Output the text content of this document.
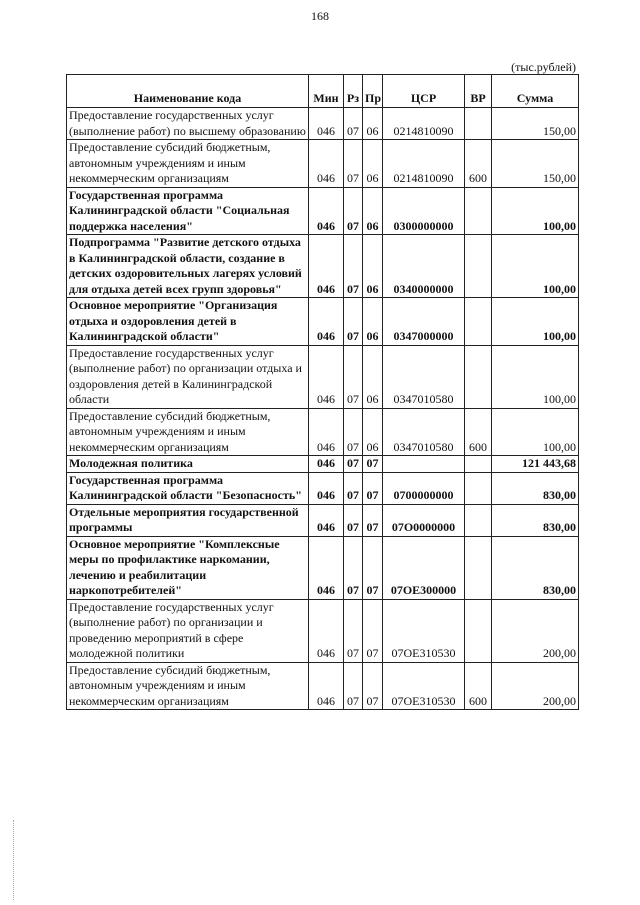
168
(тыс.рублей)
Наименование кода	Мин	Рз	Пр	ЦСР	ВР	Сумма
Предоставление государственных услуг (выполнение работ) по высшему образованию	046	07	06	0214810090		150,00
Предоставление субсидий бюджетным, автономным учреждениям и иным некоммерческим организациям	046	07	06	0214810090	600	150,00
Государственная программа Калининградской области "Социальная поддержка населения"	046	07	06	0300000000		100,00
Подпрограмма "Развитие детского отдыха в Калининградской области, создание в детских оздоровительных лагерях условий для отдыха детей всех групп здоровья"	046	07	06	0340000000		100,00
Основное мероприятие "Организация отдыха и оздоровления детей в Калининградской области"	046	07	06	0347000000		100,00
Предоставление государственных услуг (выполнение работ) по организации отдыха и оздоровления детей в Калининградской области	046	07	06	0347010580		100,00
Предоставление субсидий бюджетным, автономным учреждениям и иным некоммерческим организациям	046	07	06	0347010580	600	100,00
Молодежная политика	046	07	07			121 443,68
Государственная программа Калининградской области "Безопасность"	046	07	07	0700000000		830,00
Отдельные мероприятия государственной программы	046	07	07	07О0000000		830,00
Основное мероприятие "Комплексные меры по профилактике наркомании, лечению и реабилитации наркопотребителей"	046	07	07	07ОЕ300000		830,00
Предоставление государственных услуг (выполнение работ) по организации и проведению мероприятий в сфере молодежной политики	046	07	07	07ОЕ310530		200,00
Предоставление субсидий бюджетным, автономным учреждениям и иным некоммерческим организациям	046	07	07	07ОЕ310530	600	200,00
